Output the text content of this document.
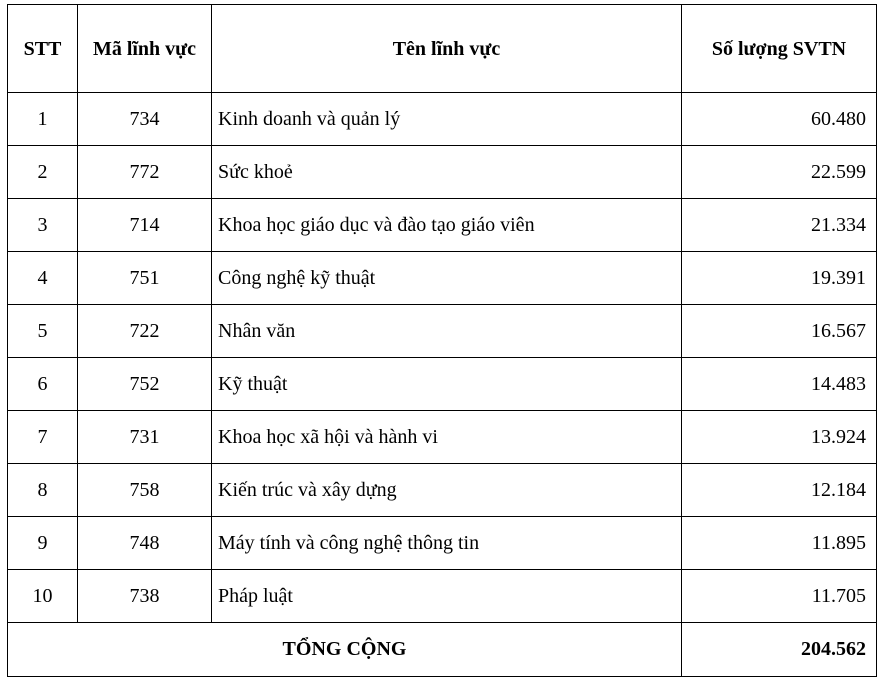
STT	Mã lĩnh vực	Tên lĩnh vực	Số lượng SVTN
1	734	Kinh doanh và quản lý	60.480
2	772	Sức khoẻ	22.599
3	714	Khoa học giáo dục và đào tạo giáo viên	21.334
4	751	Công nghệ kỹ thuật	19.391
5	722	Nhân văn	16.567
6	752	Kỹ thuật	14.483
7	731	Khoa học xã hội và hành vi	13.924
8	758	Kiến trúc và xây dựng	12.184
9	748	Máy tính và công nghệ thông tin	11.895
10	738	Pháp luật	11.705
TỔNG CỘNG			204.562
